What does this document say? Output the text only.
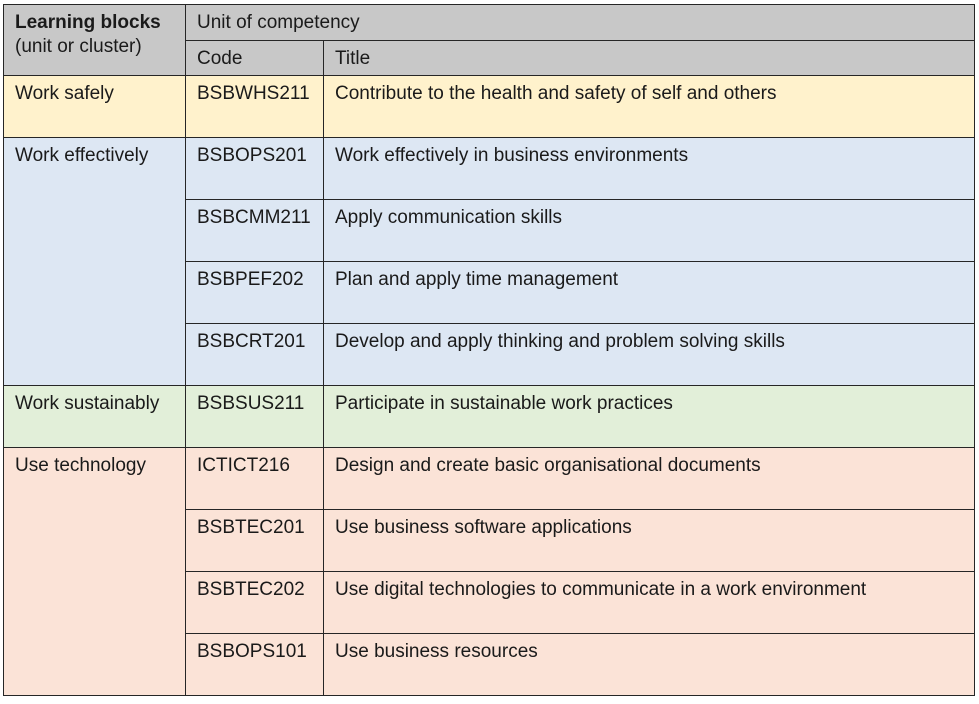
Learning blocks
(unit or cluster)	Unit of competency	
	Code	Title
Work safely	BSBWHS211	Contribute to the health and safety of self and others
Work effectively	BSBOPS201	Work effectively in business environments
	BSBCMM211	Apply communication skills
	BSBPEF202	Plan and apply time management
	BSBCRT201	Develop and apply thinking and problem solving skills
Work sustainably	BSBSUS211	Participate in sustainable work practices
Use technology	ICTICT216	Design and create basic organisational documents
	BSBTEC201	Use business software applications
	BSBTEC202	Use digital technologies to communicate in a work environment
	BSBOPS101	Use business resources
